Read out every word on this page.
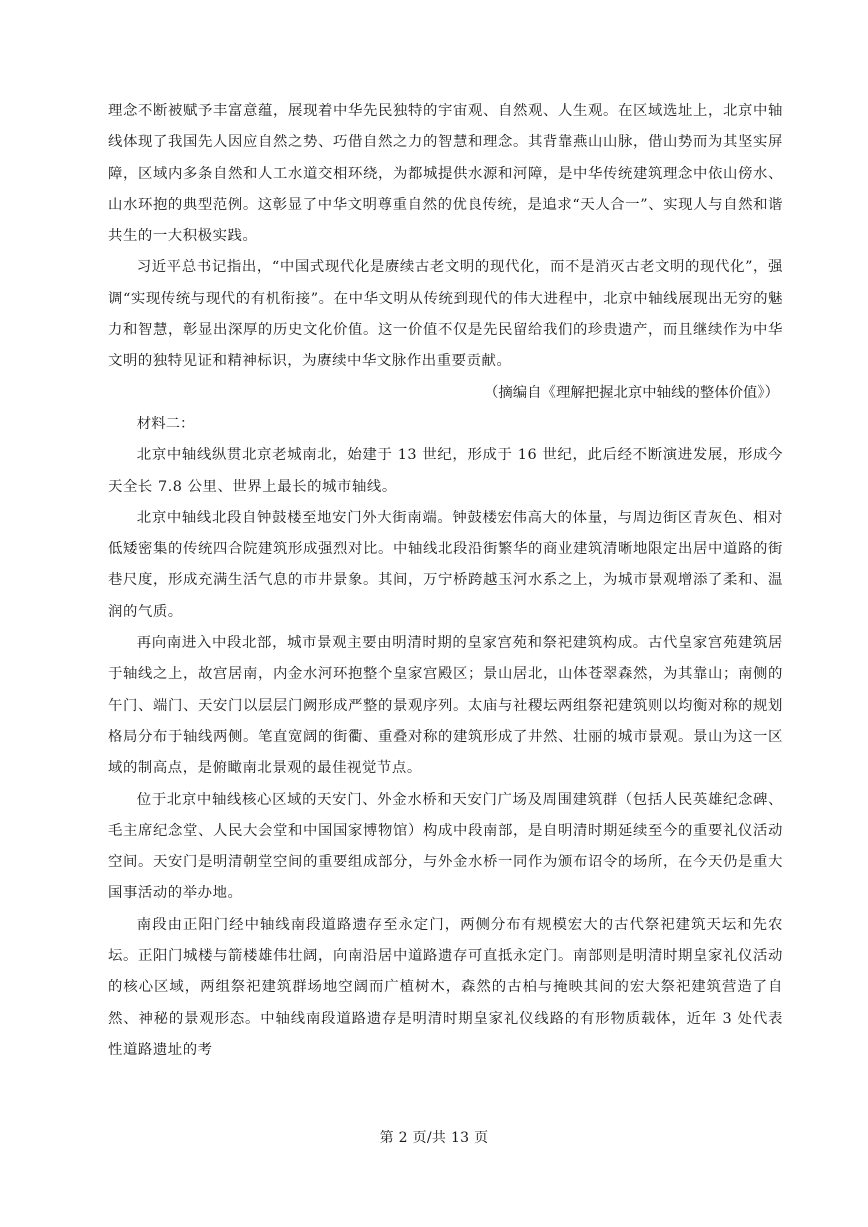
理念不断被赋予丰富意蕴，展现着中华先民独特的宇宙观、自然观、人生观。在区域选址上，北京中轴线体现了我国先人因应自然之势、巧借自然之力的智慧和理念。其背靠燕山山脉，借山势而为其坚实屏障，区域内多条自然和人工水道交相环绕，为都城提供水源和河障，是中华传统建筑理念中依山傍水、山水环抱的典型范例。这彰显了中华文明尊重自然的优良传统，是追求“天人合一”、实现人与自然和谐共生的一大积极实践。

习近平总书记指出，“中国式现代化是赓续古老文明的现代化，而不是消灭古老文明的现代化”，强调“实现传统与现代的有机衔接”。在中华文明从传统到现代的伟大进程中，北京中轴线展现出无穷的魅力和智慧，彰显出深厚的历史文化价值。这一价值不仅是先民留给我们的珍贵遗产，而且继续作为中华文明的独特见证和精神标识，为赓续中华文脉作出重要贡献。

（摘编自《理解把握北京中轴线的整体价值》）

材料二：

北京中轴线纵贯北京老城南北，始建于 13 世纪，形成于 16 世纪，此后经不断演进发展，形成今天全长 7.8 公里、世界上最长的城市轴线。

北京中轴线北段自钟鼓楼至地安门外大街南端。钟鼓楼宏伟高大的体量，与周边街区青灰色、相对低矮密集的传统四合院建筑形成强烈对比。中轴线北段沿街繁华的商业建筑清晰地限定出居中道路的街巷尺度，形成充满生活气息的市井景象。其间，万宁桥跨越玉河水系之上，为城市景观增添了柔和、温润的气质。

再向南进入中段北部，城市景观主要由明清时期的皇家宫苑和祭祀建筑构成。古代皇家宫苑建筑居于轴线之上，故宫居南，内金水河环抱整个皇家宫殿区；景山居北，山体苍翠森然，为其靠山；南侧的午门、端门、天安门以层层门阙形成严整的景观序列。太庙与社稷坛两组祭祀建筑则以均衡对称的规划格局分布于轴线两侧。笔直宽阔的街衢、重叠对称的建筑形成了井然、壮丽的城市景观。景山为这一区域的制高点，是俯瞰南北景观的最佳视觉节点。

位于北京中轴线核心区域的天安门、外金水桥和天安门广场及周围建筑群（包括人民英雄纪念碑、毛主席纪念堂、人民大会堂和中国国家博物馆）构成中段南部，是自明清时期延续至今的重要礼仪活动空间。天安门是明清朝堂空间的重要组成部分，与外金水桥一同作为颁布诏令的场所，在今天仍是重大国事活动的举办地。

南段由正阳门经中轴线南段道路遗存至永定门，两侧分布有规模宏大的古代祭祀建筑天坛和先农坛。正阳门城楼与箭楼雄伟壮阔，向南沿居中道路遗存可直抵永定门。南部则是明清时期皇家礼仪活动的核心区域，两组祭祀建筑群场地空阔而广植树木，森然的古柏与掩映其间的宏大祭祀建筑营造了自然、神秘的景观形态。中轴线南段道路遗存是明清时期皇家礼仪线路的有形物质载体，近年 3 处代表性道路遗址的考

第 2 页/共 13 页
